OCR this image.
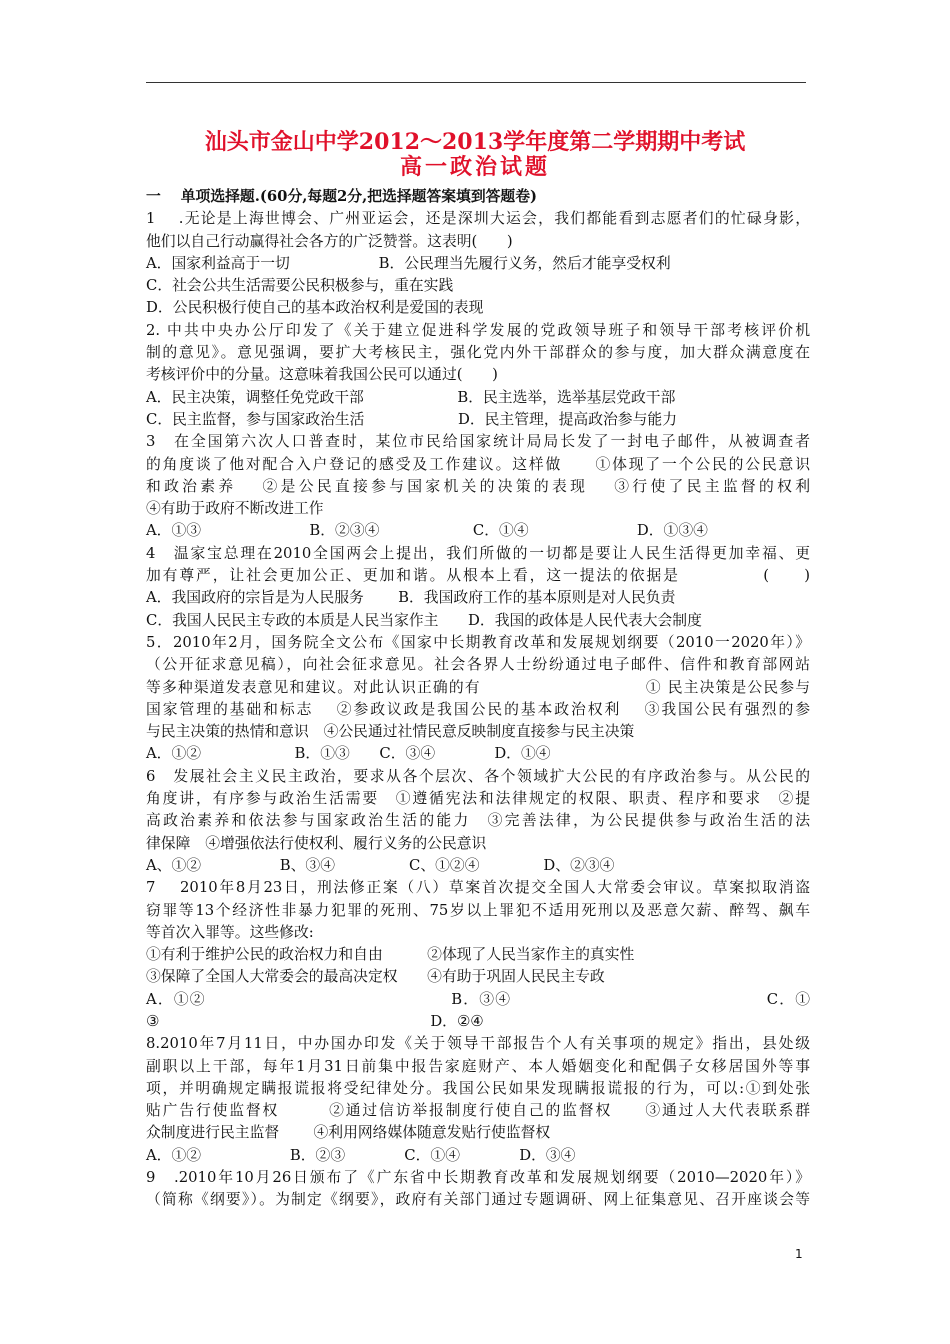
汕头市金山中学2012～2013学年度第二学期期中考试
高一政治试题
一　 单项选择题.(60分,每题2分,把选择题答案填到答题卷)
1　 .无论是上海世博会、广州亚运会，还是深圳大运会，我们都能看到志愿者们的忙碌身影，
他们以自己行动赢得社会各方的广泛赞誉。这表明(　　)
A．国家利益高于一切　　　　　　B．公民理当先履行义务，然后才能享受权利
C．社会公共生活需要公民积极参与，重在实践
D．公民积极行使自己的基本政治权利是爱国的表现
2. 中共中央办公厅印发了《关于建立促进科学发展的党政领导班子和领导干部考核评价机
制的意见》。意见强调，要扩大考核民主，强化党内外干部群众的参与度，加大群众满意度在
考核评价中的分量。这意味着我国公民可以通过(　　)
A．民主决策，调整任免党政干部　　　　　　 B．民主选举，选举基层党政干部
C．民主监督，参与国家政治生活　　　　　　 D．民主管理，提高政治参与能力
3　在全国第六次人口普查时，某位市民给国家统计局局长发了一封电子邮件，从被调查者
的角度谈了他对配合入户登记的感受及工作建议。这样做　　①体现了一个公民的公民意识
和政治素养　 ②是公民直接参与国家机关的决策的表现　 ③行使了民主监督的权利
④有助于政府不断改进工作
A．①③　　　　　　　 B．②③④　　　　　　 C．①④　　　　　　　 D．①③④
4　温家宝总理在2010全国两会上提出，我们所做的一切都是要让人民生活得更加幸福、更
加有尊严，让社会更加公正、更加和谐。从根本上看，这一提法的依据是　　　　　(　　)
A．我国政府的宗旨是为人民服务　　 B．我国政府工作的基本原则是对人民负责
C．我国人民民主专政的本质是人民当家作主　　D．我国的政体是人民代表大会制度
5．2010年2月，国务院全文公布《国家中长期教育改革和发展规划纲要（2010一2020年）》
（公开征求意见稿），向社会征求意见。社会各界人士纷纷通过电子邮件、信件和教育部网站
等多种渠道发表意见和建议。对此认识正确的有　　　　　　　　　　 ① 民主决策是公民参与
国家管理的基础和标志　 ②参政议政是我国公民的基本政治权利　 ③我国公民有强烈的参
与民主决策的热情和意识　④公民通过社情民意反映制度直接参与民主决策
A．①②　　　　　　 B．①③　　C．③④　　　　D．①④
6　发展社会主义民主政治，要求从各个层次、各个领域扩大公民的有序政治参与。从公民的
角度讲，有序参与政治生活需要　①遵循宪法和法律规定的权限、职责、程序和要求　②提
高政治素养和依法参与国家政治生活的能力　③完善法律，为公民提供参与政治生活的法
律保障　④增强依法行使权利、履行义务的公民意识
A、①②　　　　　 B、③④　　　　　C、①②④　　　　 D、②③④
7　 2010年8月23日，刑法修正案（八）草案首次提交全国人大常委会审议。草案拟取消盗
窃罪等13个经济性非暴力犯罪的死刑、75岁以上罪犯不适用死刑以及恶意欠薪、醉驾、飙车
等首次入罪等。这些修改:
①有利于维护公民的政治权力和自由　　　②体现了人民当家作主的真实性
③保障了全国人大常委会的最高决定权　　④有助于巩固人民民主专政
A．①②　　　　　　　　　　　　　　　 B．③④　　　　　　　　　　　　　　　　C．①
③　　　　　　　　　　　　　　　　　　 D．②④
8.2010年7月11日，中办国办印发《关于领导干部报告个人有关事项的规定》指出，县处级
副职以上干部，每年1月31日前集中报告家庭财产、本人婚姻变化和配偶子女移居国外等事
项，并明确规定瞒报谎报将受纪律处分。我国公民如果发现瞒报谎报的行为，可以:①到处张
贴广告行使监督权　　　②通过信访举报制度行使自己的监督权　　③通过人大代表联系群
众制度进行民主监督　　 ④利用网络媒体随意发贴行使监督权
A．①②　　　　　　B．②③　　　　C．①④　　　　D．③④
9　.2010年10月26日颁布了《广东省中长期教育改革和发展规划纲要（2010—2020年）》
（简称《纲要》）。为制定《纲要》，政府有关部门通过专题调研、网上征集意见、召开座谈会等
1
